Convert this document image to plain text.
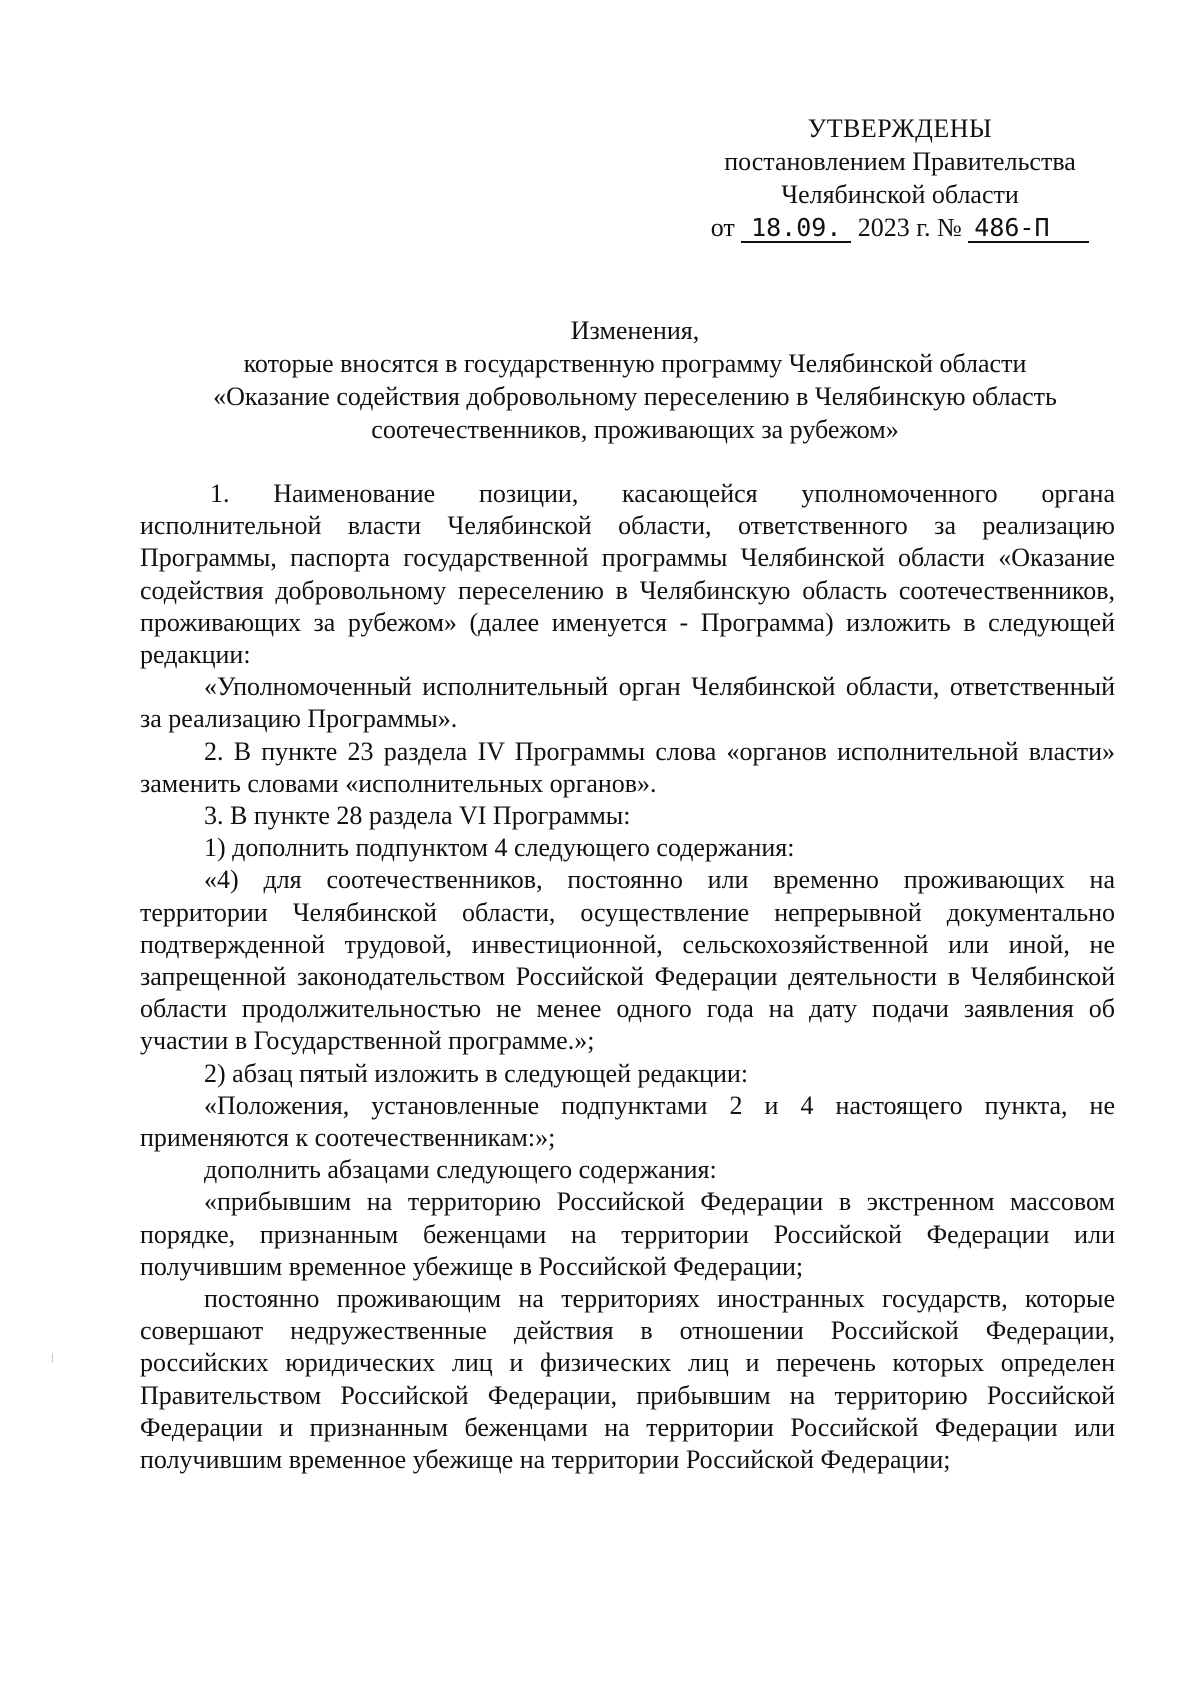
УТВЕРЖДЕНЫ
постановлением Правительства
Челябинской области
от 18.09. 2023 г. № 486-П
Изменения,
которые вносятся в государственную программу Челябинской области
«Оказание содействия добровольному переселению в Челябинскую область
соотечественников, проживающих за рубежом»

1. Наименование позиции, касающейся уполномоченного органа исполнительной власти Челябинской области, ответственного за реализацию Программы, паспорта государственной программы Челябинской области «Оказание содействия добровольному переселению в Челябинскую область соотечественников, проживающих за рубежом» (далее именуется - Программа) изложить в следующей редакции:

«Уполномоченный исполнительный орган Челябинской области, ответственный за реализацию Программы».

2. В пункте 23 раздела IV Программы слова «органов исполнительной власти» заменить словами «исполнительных органов».

3. В пункте 28 раздела VI Программы:

1) дополнить подпунктом 4 следующего содержания:

«4) для соотечественников, постоянно или временно проживающих на территории Челябинской области, осуществление непрерывной документально подтвержденной трудовой, инвестиционной, сельскохозяйственной или иной, не запрещенной законодательством Российской Федерации деятельности в Челябинской области продолжительностью не менее одного года на дату подачи заявления об участии в Государственной программе.»;

2) абзац пятый изложить в следующей редакции:

«Положения, установленные подпунктами 2 и 4 настоящего пункта, не применяются к соотечественникам:»;

дополнить абзацами следующего содержания:

«прибывшим на территорию Российской Федерации в экстренном массовом порядке, признанным беженцами на территории Российской Федерации или получившим временное убежище в Российской Федерации;

постоянно проживающим на территориях иностранных государств, которые совершают недружественные действия в отношении Российской Федерации, российских юридических лиц и физических лиц и перечень которых определен Правительством Российской Федерации, прибывшим на территорию Российской Федерации и признанным беженцами на территории Российской Федерации или получившим временное убежище на территории Российской Федерации;
